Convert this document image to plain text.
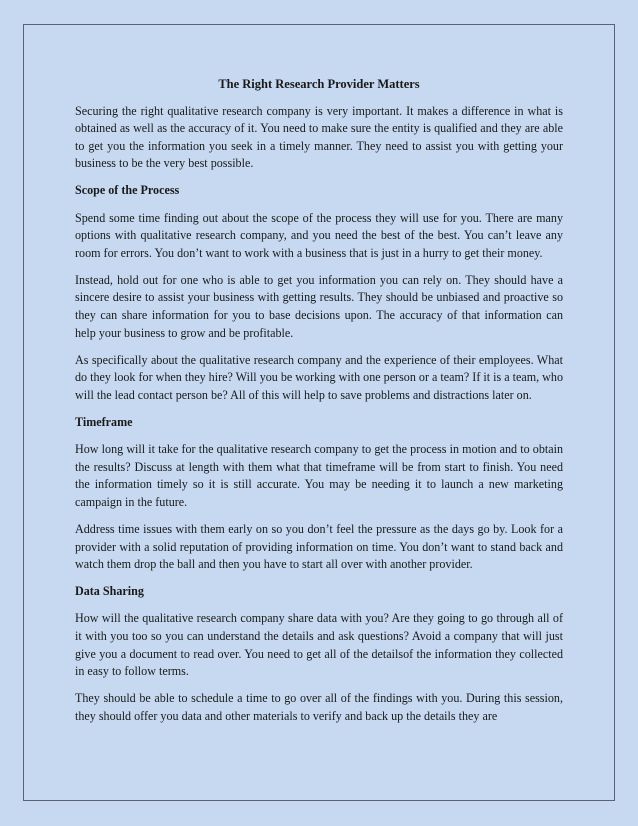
The Right Research Provider Matters

Securing the right qualitative research company is very important. It makes a difference in what is obtained as well as the accuracy of it. You need to make sure the entity is qualified and they are able to get you the information you seek in a timely manner. They need to assist you with getting your business to be the very best possible.

Scope of the Process

Spend some time finding out about the scope of the process they will use for you. There are many options with qualitative research company, and you need the best of the best. You can’t leave any room for errors. You don’t want to work with a business that is just in a hurry to get their money.

Instead, hold out for one who is able to get you information you can rely on. They should have a sincere desire to assist your business with getting results. They should be unbiased and proactive so they can share information for you to base decisions upon. The accuracy of that information can help your business to grow and be profitable.

As specifically about the qualitative research company and the experience of their employees. What do they look for when they hire? Will you be working with one person or a team? If it is a team, who will the lead contact person be? All of this will help to save problems and distractions later on.

Timeframe

How long will it take for the qualitative research company to get the process in motion and to obtain the results? Discuss at length with them what that timeframe will be from start to finish. You need the information timely so it is still accurate. You may be needing it to launch a new marketing campaign in the future.

Address time issues with them early on so you don’t feel the pressure as the days go by. Look for a provider with a solid reputation of providing information on time. You don’t want to stand back and watch them drop the ball and then you have to start all over with another provider.

Data Sharing

How will the qualitative research company share data with you? Are they going to go through all of it with you too so you can understand the details and ask questions? Avoid a company that will just give you a document to read over. You need to get all of the detailsof the information they collected in easy to follow terms.

They should be able to schedule a time to go over all of the findings with you. During this session, they should offer you data and other materials to verify and back up the details they are
